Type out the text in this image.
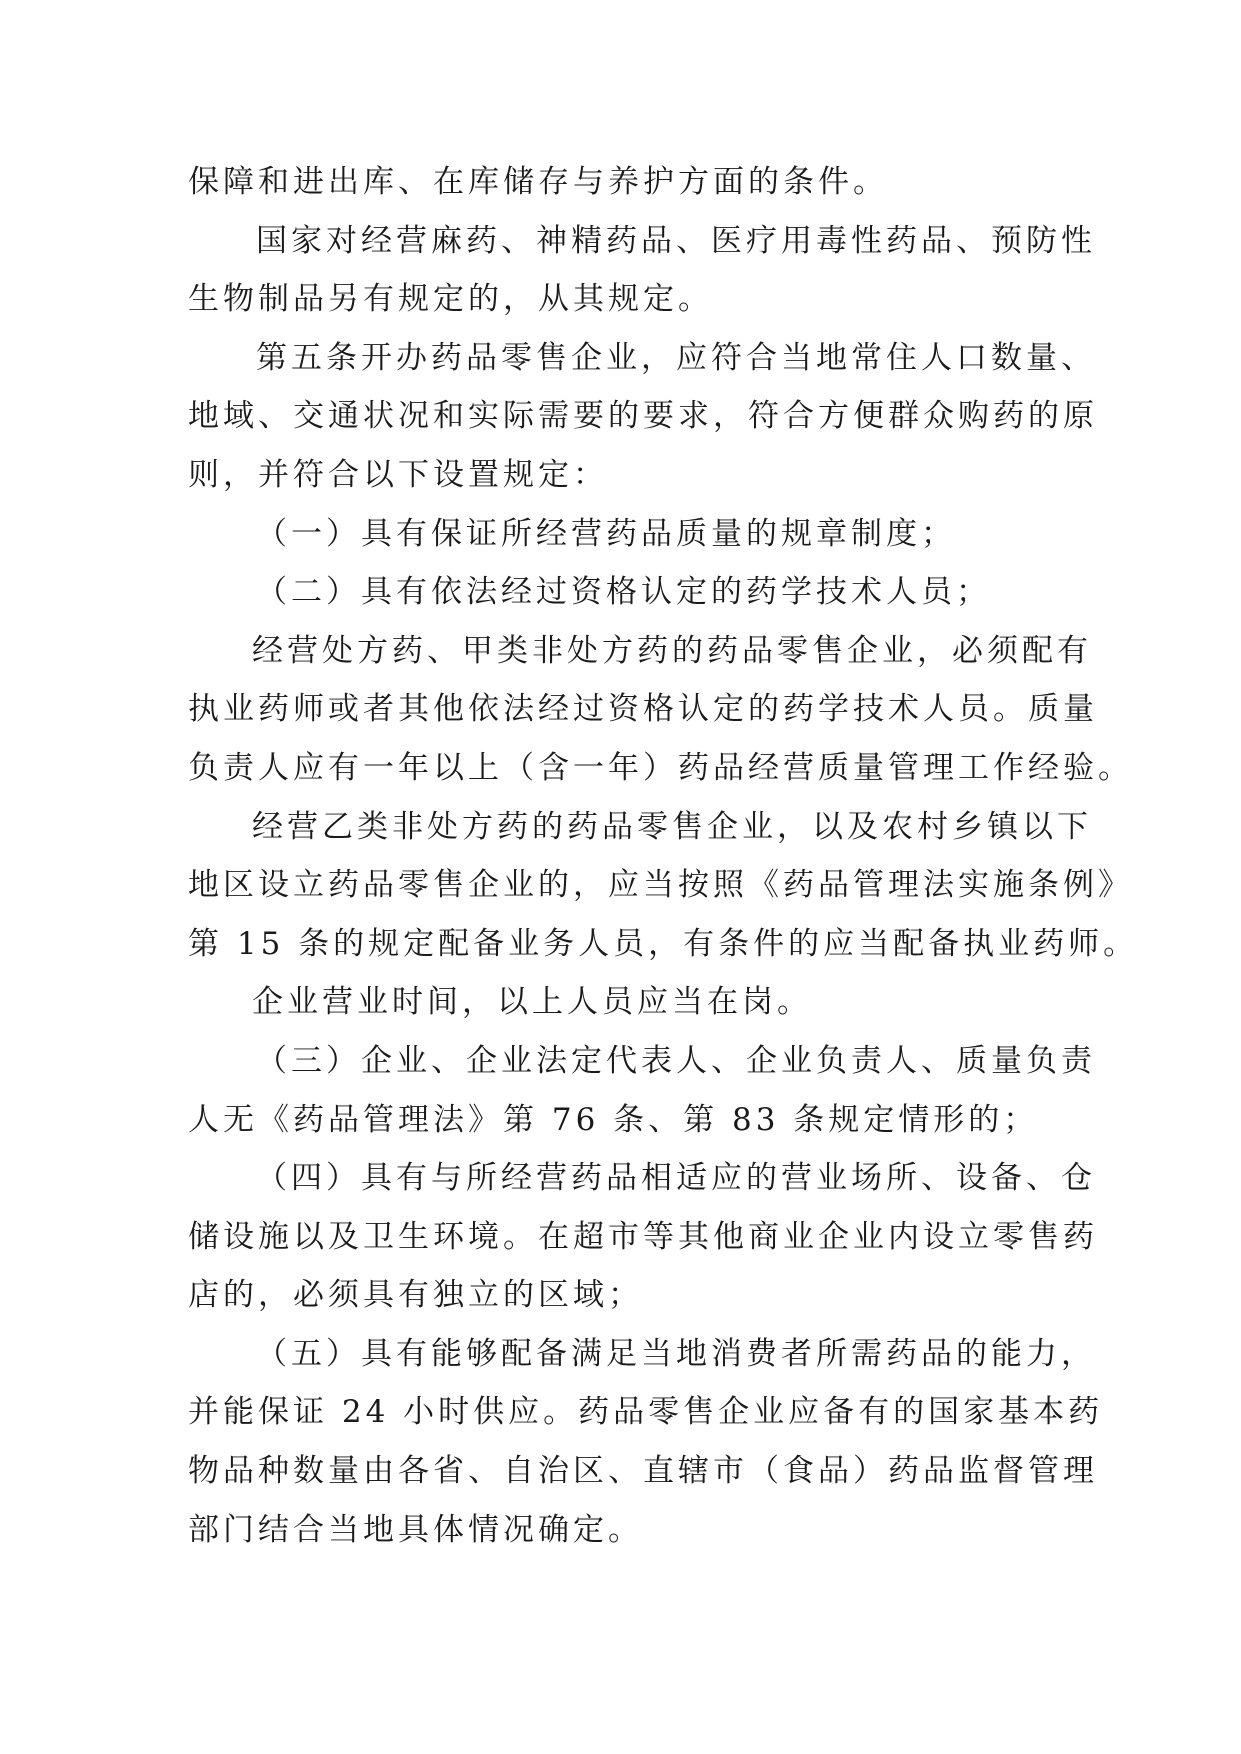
保障和进出库、在库储存与养护方面的条件。
国家对经营麻药、神精药品、医疗用毒性药品、预防性
生物制品另有规定的，从其规定。
第五条开办药品零售企业，应符合当地常住人口数量、
地域、交通状况和实际需要的要求，符合方便群众购药的原
则，并符合以下设置规定：
（一）具有保证所经营药品质量的规章制度；
（二）具有依法经过资格认定的药学技术人员；
经营处方药、甲类非处方药的药品零售企业，必须配有
执业药师或者其他依法经过资格认定的药学技术人员。质量
负责人应有一年以上（含一年）药品经营质量管理工作经验。
经营乙类非处方药的药品零售企业，以及农村乡镇以下
地区设立药品零售企业的，应当按照《药品管理法实施条例》
第 15 条的规定配备业务人员，有条件的应当配备执业药师。
企业营业时间，以上人员应当在岗。
（三）企业、企业法定代表人、企业负责人、质量负责
人无《药品管理法》第 76 条、第 83 条规定情形的；
（四）具有与所经营药品相适应的营业场所、设备、仓
储设施以及卫生环境。在超市等其他商业企业内设立零售药
店的，必须具有独立的区域；
（五）具有能够配备满足当地消费者所需药品的能力，
并能保证 24 小时供应。药品零售企业应备有的国家基本药
物品种数量由各省、自治区、直辖市（食品）药品监督管理
部门结合当地具体情况确定。
